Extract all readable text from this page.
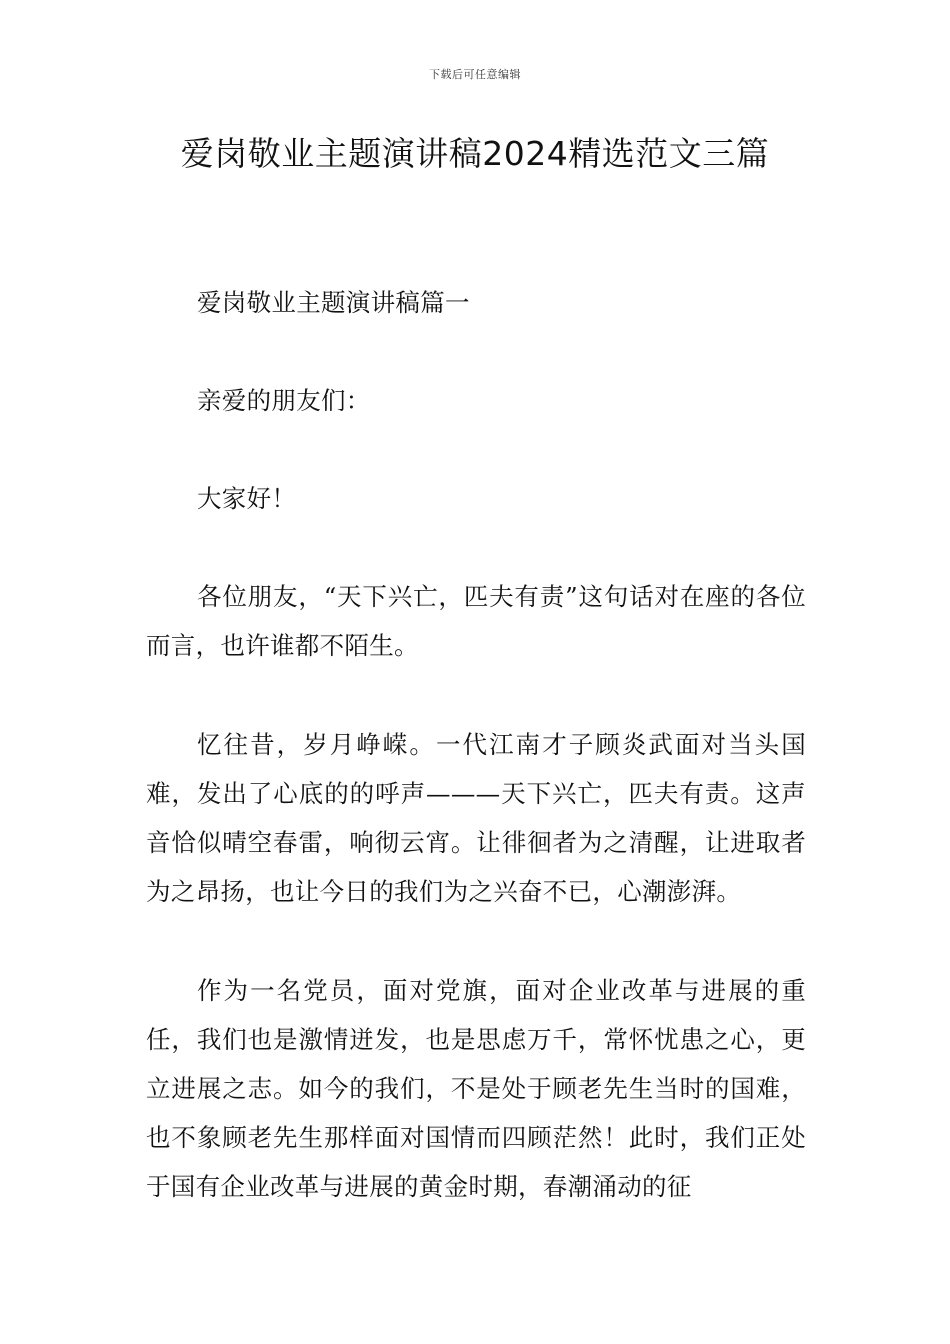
下载后可任意编辑
爱岗敬业主题演讲稿2024精选范文三篇

爱岗敬业主题演讲稿篇一

亲爱的朋友们：

大家好！

各位朋友，“天下兴亡，匹夫有责”这句话对在座的各位而言，也许谁都不陌生。

忆往昔，岁月峥嵘。一代江南才子顾炎武面对当头国难，发出了心底的的呼声———天下兴亡，匹夫有责。这声音恰似晴空春雷，响彻云宵。让徘徊者为之清醒，让进取者为之昂扬，也让今日的我们为之兴奋不已，心潮澎湃。

作为一名党员，面对党旗，面对企业改革与进展的重任，我们也是激情迸发，也是思虑万千，常怀忧患之心，更立进展之志。如今的我们，不是处于顾老先生当时的国难，也不象顾老先生那样面对国情而四顾茫然！此时，我们正处于国有企业改革与进展的黄金时期，春潮涌动的征
